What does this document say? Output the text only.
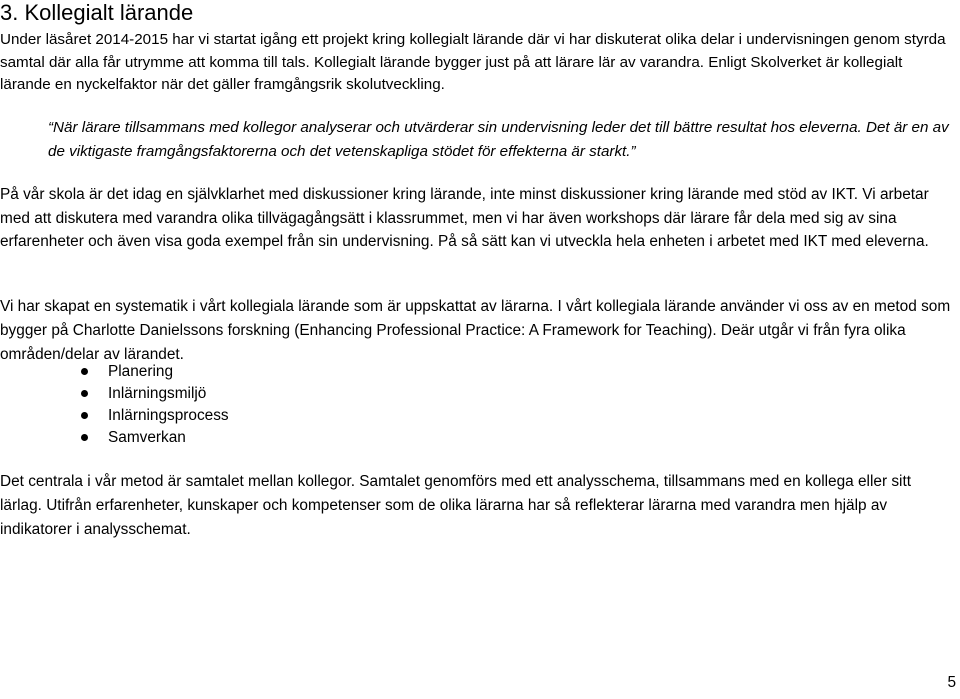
3. Kollegialt lärande

Under läsåret 2014-2015 har vi startat igång ett projekt kring kollegialt lärande där vi har diskuterat olika delar i undervisningen genom styrda samtal där alla får utrymme att komma till tals. Kollegialt lärande bygger just på att lärare lär av varandra. Enligt Skolverket är kollegialt lärande en nyckelfaktor när det gäller framgångsrik skolutveckling.

“När lärare tillsammans med kollegor analyserar och utvärderar sin undervisning leder det till bättre resultat hos eleverna. Det är en av de viktigaste framgångsfaktorerna och det vetenskapliga stödet för effekterna är starkt.”

På vår skola är det idag en självklarhet med diskussioner kring lärande, inte minst diskussioner kring lärande med stöd av IKT. Vi arbetar med att diskutera med varandra olika tillvägagångsätt i klassrummet, men vi har även workshops där lärare får dela med sig av sina erfarenheter och även visa goda exempel från sin undervisning. På så sätt kan vi utveckla hela enheten i arbetet med IKT med eleverna.

Vi har skapat en systematik i vårt kollegiala lärande som är uppskattat av lärarna. I vårt kollegiala lärande använder vi oss av en metod som bygger på Charlotte Danielssons forskning (Enhancing Professional Practice: A Framework for Teaching). Deär utgår vi från fyra olika områden/delar av lärandet.

Planering
Inlärningsmiljö
Inlärningsprocess
Samverkan

Det centrala i vår metod är samtalet mellan kollegor. Samtalet genomförs med ett analysschema, tillsammans med en kollega eller sitt lärlag. Utifrån erfarenheter, kunskaper och kompetenser som de olika lärarna har så reflekterar lärarna med varandra men hjälp av indikatorer i analysschemat.

5
